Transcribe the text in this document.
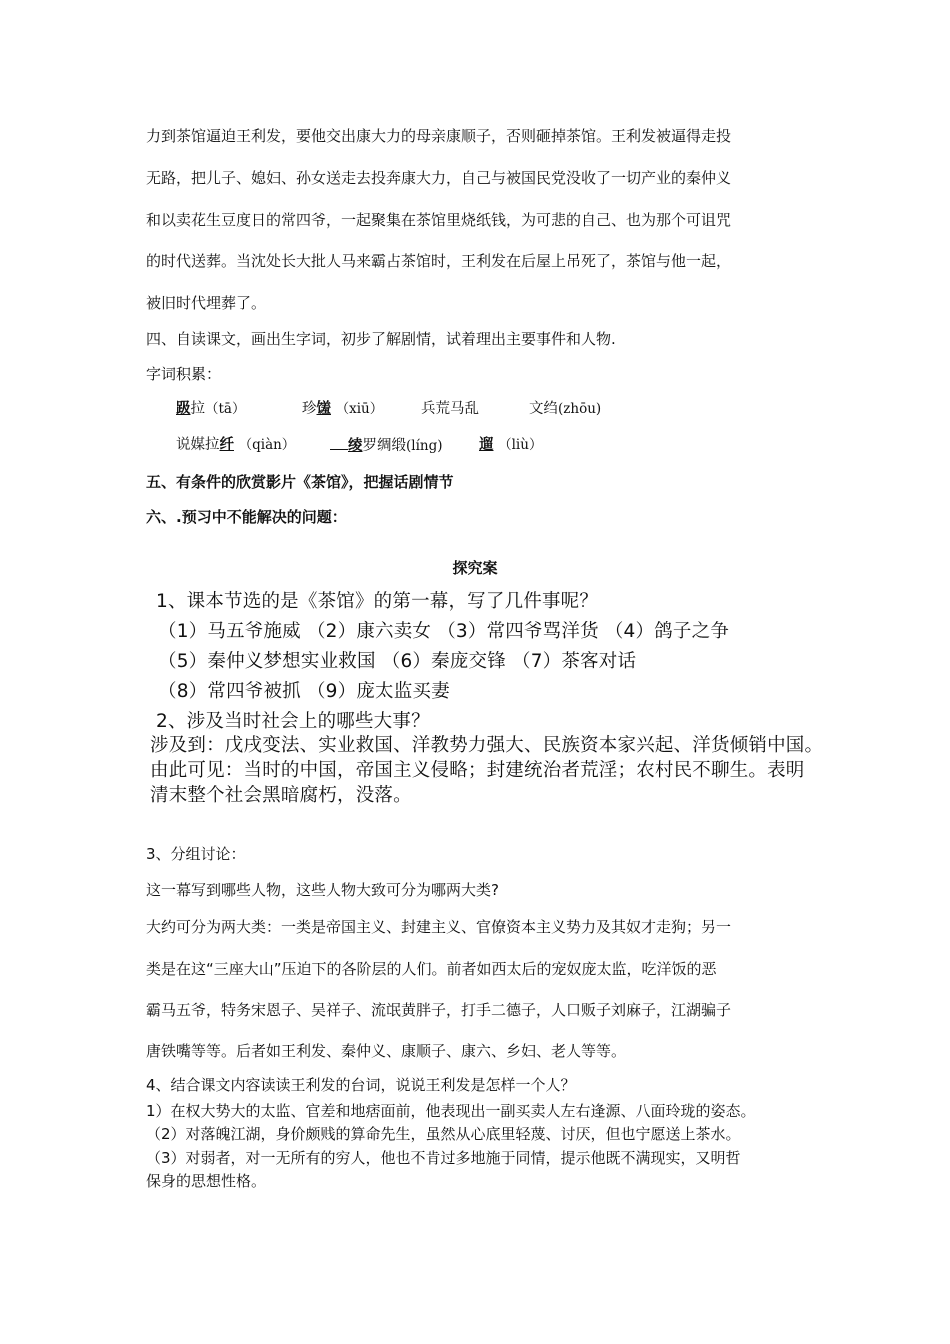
力到茶馆逼迫王利发，要他交出康大力的母亲康顺子，否则砸掉茶馆。王利发被逼得走投
无路，把儿子、媳妇、孙女送走去投奔康大力，自己与被国民党没收了一切产业的秦仲义
和以卖花生豆度日的常四爷，一起聚集在茶馆里烧纸钱，为可悲的自己、也为那个可诅咒
的时代送葬。当沈处长大批人马来霸占茶馆时，王利发在后屋上吊死了，茶馆与他一起，
被旧时代埋葬了。
四、自读课文，画出生字词，初步了解剧情，试着理出主要事件和人物.
字词积累：
趿拉（tā）	珍馐 （xiū）	兵荒马乱	文绉(zhōu)
说媒拉纤 （qiàn）	绫罗绸缎(líng)	遛 （liù）
五、有条件的欣赏影片《茶馆》，把握话剧情节
六、.预习中不能解决的问题：
探究案
1、课本节选的是《茶馆》的第一幕，写了几件事呢？
（1）马五爷施威 （2）康六卖女 （3）常四爷骂洋货 （4）鸽子之争
（5）秦仲义梦想实业救国 （6）秦庞交锋 （7）茶客对话
（8）常四爷被抓 （9）庞太监买妻
2、涉及当时社会上的哪些大事？
涉及到：戊戌变法、实业救国、洋教势力强大、民族资本家兴起、洋货倾销中国。
由此可见：当时的中国，帝国主义侵略；封建统治者荒淫；农村民不聊生。表明
清末整个社会黑暗腐朽，没落。
3、分组讨论：
这一幕写到哪些人物，这些人物大致可分为哪两大类?
大约可分为两大类：一类是帝国主义、封建主义、官僚资本主义势力及其奴才走狗；另一
类是在这“三座大山”压迫下的各阶层的人们。前者如西太后的宠奴庞太监，吃洋饭的恶
霸马五爷，特务宋恩子、吴祥子、流氓黄胖子，打手二德子，人口贩子刘麻子，江湖骗子
唐铁嘴等等。后者如王利发、秦仲义、康顺子、康六、乡妇、老人等等。
4、结合课文内容读读王利发的台词，说说王利发是怎样一个人？
1）在权大势大的太监、官差和地痞面前，他表现出一副买卖人左右逢源、八面玲珑的姿态。
（2）对落魄江湖，身价颇贱的算命先生，虽然从心底里轻蔑、讨厌，但也宁愿送上茶水。
（3）对弱者，对一无所有的穷人，他也不肯过多地施于同情，提示他既不满现实，又明哲
保身的思想性格。
